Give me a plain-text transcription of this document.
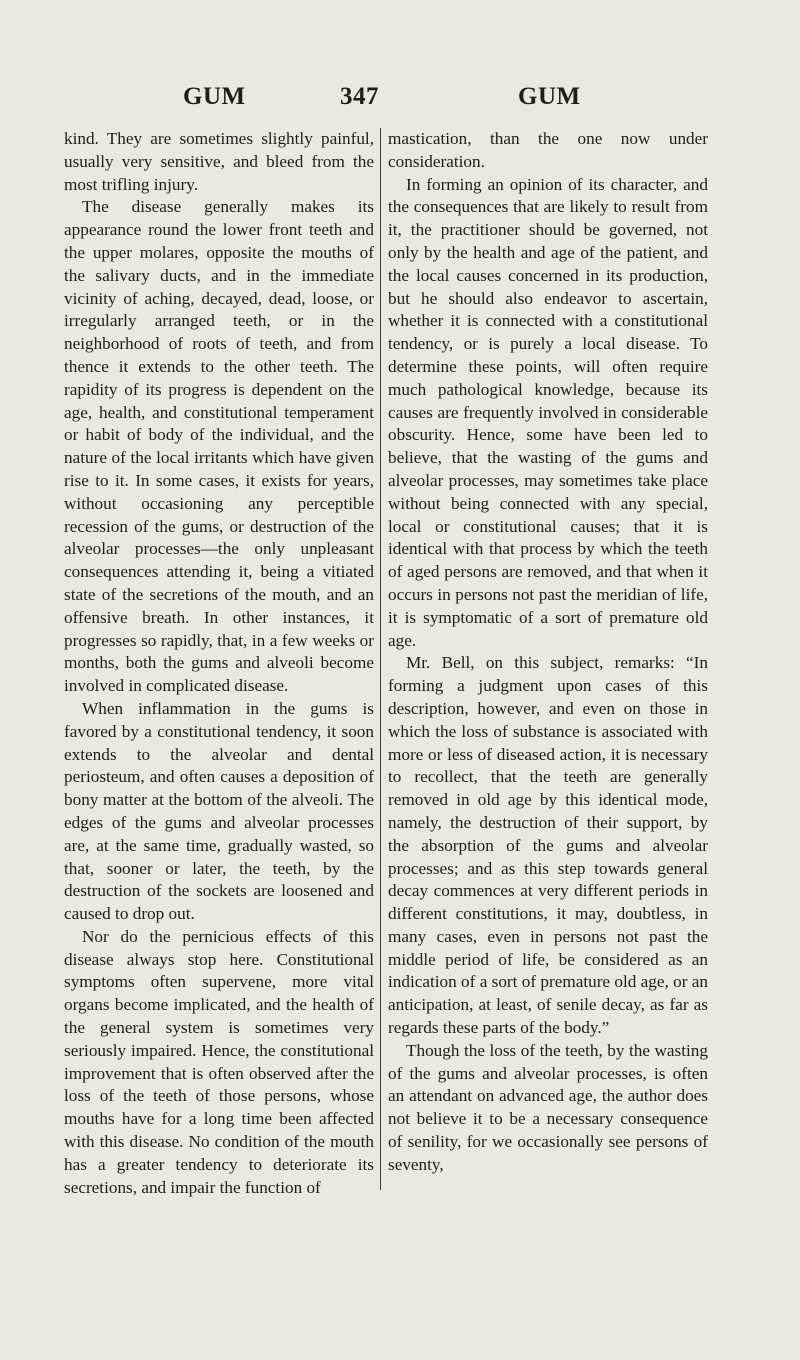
GUM	347	GUM

kind. They are sometimes slightly painful, usually very sensitive, and bleed from the most trifling injury.

The disease generally makes its appearance round the lower front teeth and the upper molares, opposite the mouths of the salivary ducts, and in the immediate vicinity of aching, decayed, dead, loose, or irregularly arranged teeth, or in the neighborhood of roots of teeth, and from thence it extends to the other teeth. The rapidity of its progress is dependent on the age, health, and constitutional temperament or habit of body of the individual, and the nature of the local irritants which have given rise to it. In some cases, it exists for years, without occasioning any perceptible recession of the gums, or destruction of the alveolar processes—the only unpleasant consequences attending it, being a vitiated state of the secretions of the mouth, and an offensive breath. In other instances, it progresses so rapidly, that, in a few weeks or months, both the gums and alveoli become involved in complicated disease.

When inflammation in the gums is favored by a constitutional tendency, it soon extends to the alveolar and dental periosteum, and often causes a deposition of bony matter at the bottom of the alveoli. The edges of the gums and alveolar processes are, at the same time, gradually wasted, so that, sooner or later, the teeth, by the destruction of the sockets are loosened and caused to drop out.

Nor do the pernicious effects of this disease always stop here. Constitutional symptoms often supervene, more vital organs become implicated, and the health of the general system is sometimes very seriously impaired. Hence, the constitutional improvement that is often observed after the loss of the teeth of those persons, whose mouths have for a long time been affected with this disease. No condition of the mouth has a greater tendency to deteriorate its secretions, and impair the function of

mastication, than the one now under consideration.

In forming an opinion of its character, and the consequences that are likely to result from it, the practitioner should be governed, not only by the health and age of the patient, and the local causes concerned in its production, but he should also endeavor to ascertain, whether it is connected with a constitutional tendency, or is purely a local disease. To determine these points, will often require much pathological knowledge, because its causes are frequently involved in considerable obscurity. Hence, some have been led to believe, that the wasting of the gums and alveolar processes, may sometimes take place without being connected with any special, local or constitutional causes; that it is identical with that process by which the teeth of aged persons are removed, and that when it occurs in persons not past the meridian of life, it is symptomatic of a sort of premature old age.

Mr. Bell, on this subject, remarks: “In forming a judgment upon cases of this description, however, and even on those in which the loss of substance is associated with more or less of diseased action, it is necessary to recollect, that the teeth are generally removed in old age by this identical mode, namely, the destruction of their support, by the absorption of the gums and alveolar processes; and as this step towards general decay commences at very different periods in different constitutions, it may, doubtless, in many cases, even in persons not past the middle period of life, be considered as an indication of a sort of premature old age, or an anticipation, at least, of senile decay, as far as regards these parts of the body.”

Though the loss of the teeth, by the wasting of the gums and alveolar processes, is often an attendant on advanced age, the author does not believe it to be a necessary consequence of senility, for we occasionally see persons of seventy,
